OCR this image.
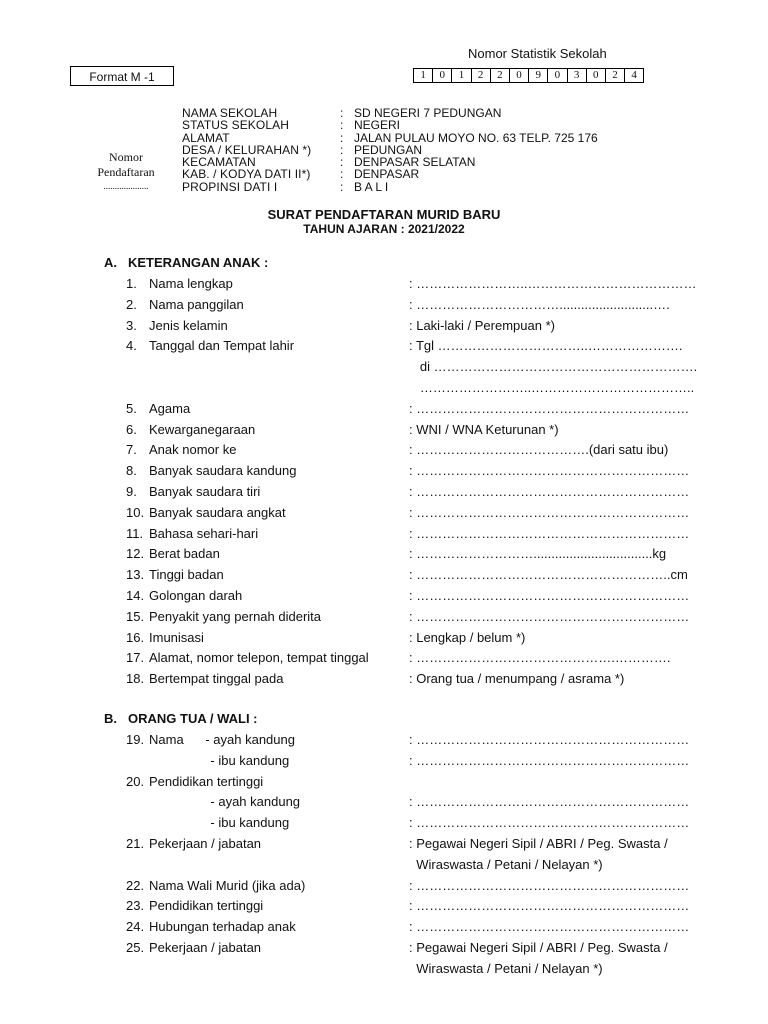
Nomor Statistik Sekolah
Format M -1	1	0	1	2	2	0	9	0	3	0	2	4
Nomor
Pendaftaran
....................
NAMA SEKOLAH	: SD NEGERI 7 PEDUNGAN
STATUS SEKOLAH	: NEGERI
ALAMAT	: JALAN PULAU MOYO NO. 63 TELP. 725 176
DESA / KELURAHAN *) : PEDUNGAN
KECAMATAN	: DENPASAR SELATAN
KAB. / KODYA DATI II*) : DENPASAR
PROPINSI DATI I	: B A L I
SURAT PENDAFTARAN MURID BARU
TAHUN AJARAN : 2021/2022
A. KETERANGAN ANAK :
1. Nama lengkap	: ……………………..…………………………………
2. Nama panggilan	: ……………………………..........................….
3. Jenis kelamin	: Laki-laki / Perempuan *)
4. Tanggal dan Tempat lahir	: Tgl ……………………………..………………….
di …………………………………………………….
……………………..………………………………..
5. Agama	: ………………………………………………………
6. Kewarganegaraan	: WNI / WNA Keturunan *)
7. Anak nomor ke	: ………………………………….(dari satu ibu)
8. Banyak saudara kandung	: ………………………………………………………
9. Banyak saudara tiri	: ………………………………………………………
10. Banyak saudara angkat	: ………………………………………………………
11. Bahasa sehari-hari	: ………………………………………………………
12. Berat badan	: ……………………….................................kg
13. Tinggi badan	: …………………………………………………..cm
14. Golongan darah	: ………………………………………………………
15. Penyakit yang pernah diderita	: ………………………………………………………
16. Imunisasi	: Lengkap / belum *)
17. Alamat, nomor telepon, tempat tinggal	: ……………………………………….………….
18. Bertempat tinggal pada	: Orang tua / menumpang / asrama *)
B. ORANG TUA / WALI :
19. Nama      - ayah kandung	: ………………………………………………………
- ibu kandung	: ………………………………………………………
20. Pendidikan tertinggi
- ayah kandung	: ………………………………………………………
- ibu kandung	: ………………………………………………………
21. Pekerjaan / jabatan	: Pegawai Negeri Sipil / ABRI / Peg. Swasta /
Wiraswasta / Petani / Nelayan *)
22. Nama Wali Murid (jika ada)	: ………………………………………………………
23. Pendidikan tertinggi	: ………………………………………………………
24. Hubungan terhadap anak	: ………………………………………………………
25. Pekerjaan / jabatan	: Pegawai Negeri Sipil / ABRI / Peg. Swasta /
Wiraswasta / Petani / Nelayan *)
